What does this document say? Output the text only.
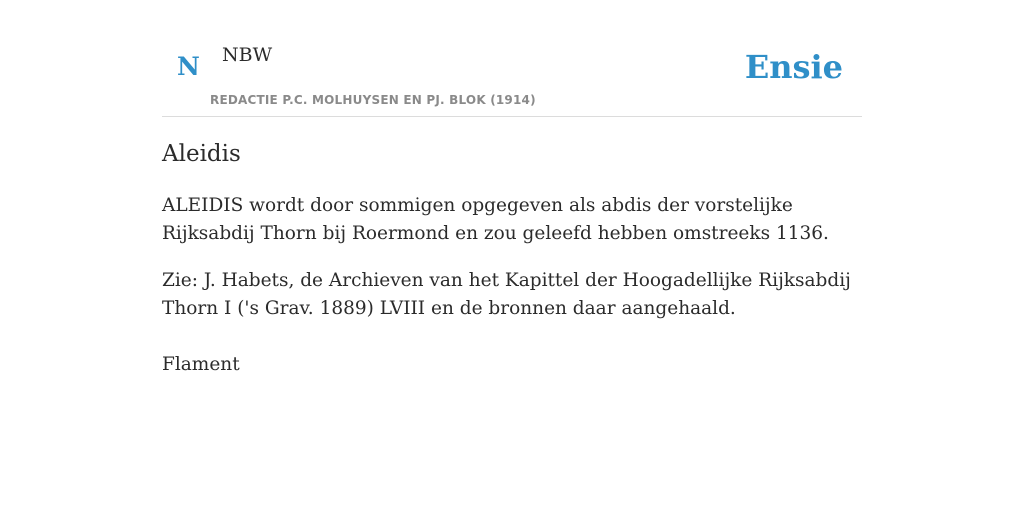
N NBW
REDACTIE P.C. MOLHUYSEN EN PJ. BLOK (1914)
Ensie
Aleidis

ALEIDIS wordt door sommigen opgegeven als abdis der vorstelijke Rijksabdij Thorn bij Roermond en zou geleefd hebben omstreeks 1136.

Zie: J. Habets, de Archieven van het Kapittel der Hoogadellijke Rijksabdij Thorn I ('s Grav. 1889) LVIII en de bronnen daar aangehaald.

Flament
